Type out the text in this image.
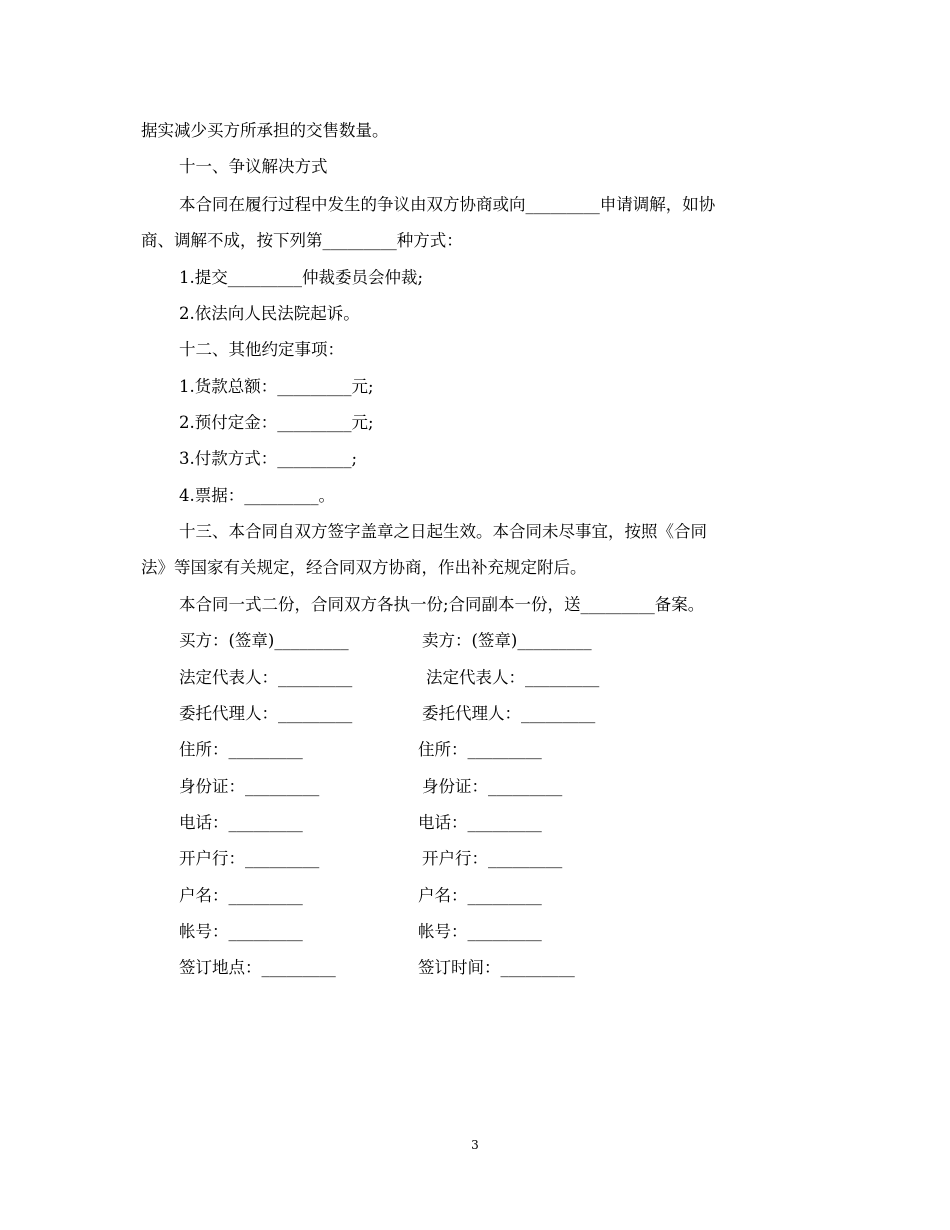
据实减少买方所承担的交售数量。
十一、争议解决方式
本合同在履行过程中发生的争议由双方协商或向_________申请调解，如协
商、调解不成，按下列第_________种方式：
1.提交_________仲裁委员会仲裁;
2.依法向人民法院起诉。
十二、其他约定事项：
1.货款总额：_________元;
2.预付定金：_________元;
3.付款方式：_________;
4.票据：_________。
十三、本合同自双方签字盖章之日起生效。本合同未尽事宜，按照《合同
法》等国家有关规定，经合同双方协商，作出补充规定附后。
本合同一式二份，合同双方各执一份;合同副本一份，送_________备案。
买方：(签章)_________
法定代表人：_________
委托代理人：_________
住所：_________
身份证：_________
电话：_________
开户行：_________
户名：_________
帐号：_________
签订地点：_________
卖方：(签章)_________
法定代表人：_________
委托代理人：_________
住所：_________
身份证：_________
电话：_________
开户行：_________
户名：_________
帐号：_________
签订时间：_________
3
